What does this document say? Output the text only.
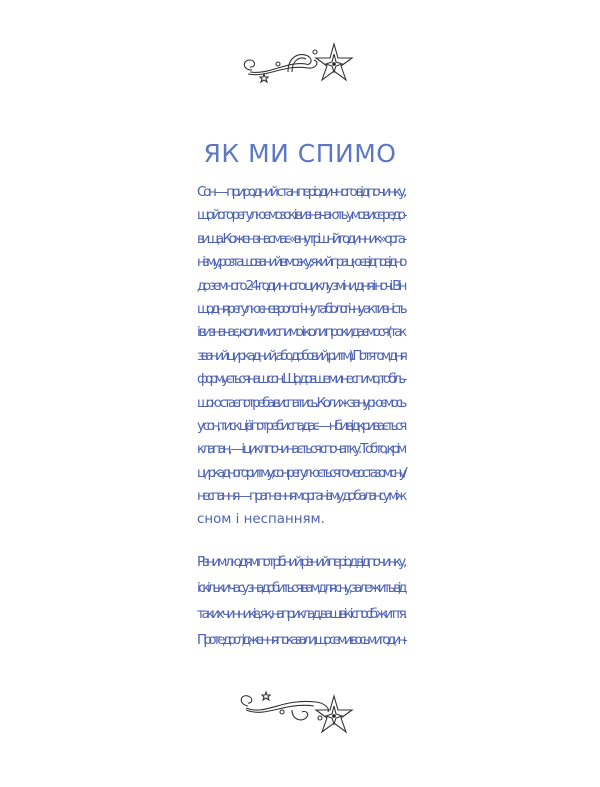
ЯК МИ СПИМО
Сон — природний стан періодичного відпочинку,
що його регулює мозок і визначають умови середо-
вища. Кожен з нас має «внутрішній годинник» орга-
нізму, розташований в мозку, який працює відповідно
до земного 24-годинного циклу зміни дня і ночі. Він
щодня регулює неврологічну та біологічну активність
і визначає, коли ми спимо і коли прокидаємося (так
званий циркадний, або добовий, ритм). Потягом дня
формується наш сон. Що довше ми не спимо, то біль-
шою стає потреба виспатись. Коли ж занурюємось
у сон, тиск цієї потреби спадає — ніби відкривається
клапан, — і цикл починається спочатку. Тобто, крім
циркадного ритму, сон регулюється гомеостазом сну/
неспання — прагненням організму до балансу між
сном і неспанням.
Різним людям потрібний різний період відпочинку,
і скільки часу знадобиться вам для сну, залежить від
таких чинників, як, наприклад, ваш вік і спосіб життя.
Проте дослідження показали, що семи-восьмигодин-
